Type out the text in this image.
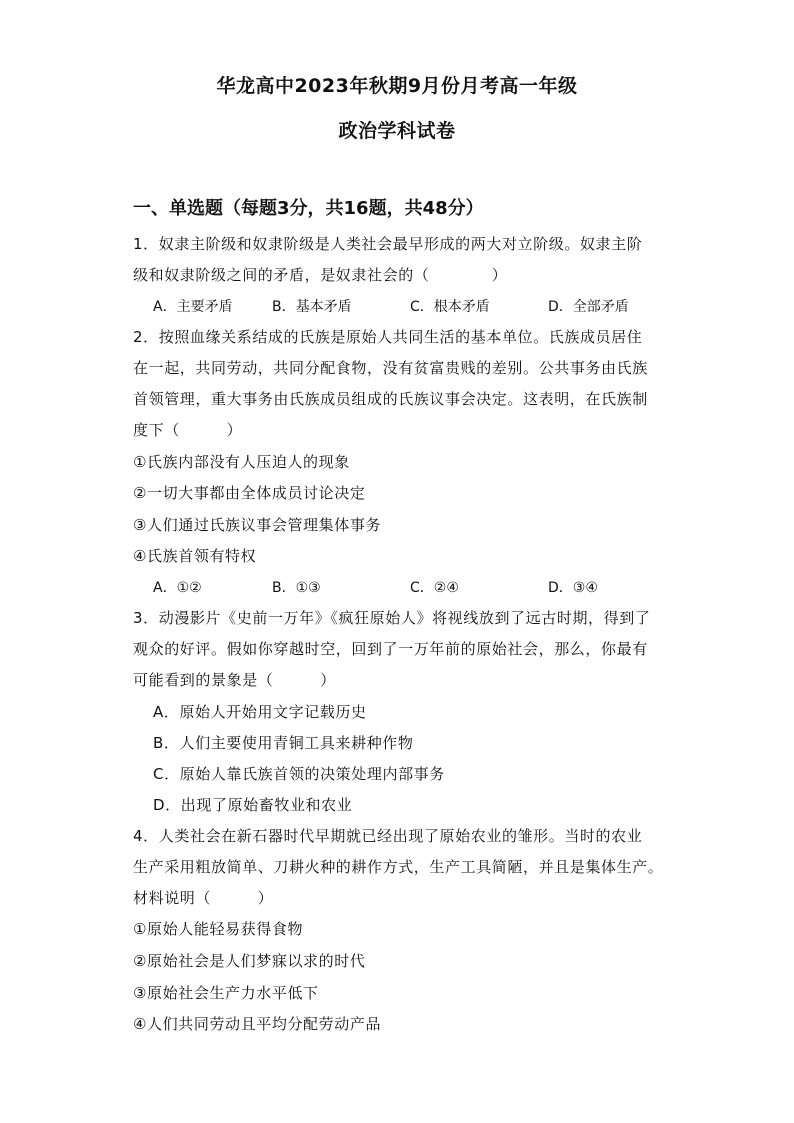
华龙高中2023年秋期9月份月考高一年级
政治学科试卷
一、单选题（每题3分，共16题，共48分）
1．奴隶主阶级和奴隶阶级是人类社会最早形成的两大对立阶级。奴隶主阶
级和奴隶阶级之间的矛盾，是奴隶社会的（　　　　）
A．主要矛盾	B．基本矛盾	C．根本矛盾	D．全部矛盾
2．按照血缘关系结成的氏族是原始人共同生活的基本单位。氏族成员居住
在一起，共同劳动，共同分配食物，没有贫富贵贱的差别。公共事务由氏族
首领管理，重大事务由氏族成员组成的氏族议事会决定。这表明，在氏族制
度下（　　　）
①氏族内部没有人压迫人的现象
②一切大事都由全体成员讨论决定
③人们通过氏族议事会管理集体事务
④氏族首领有特权
A．①②	B．①③	C．②④	D．③④
3．动漫影片《史前一万年》《疯狂原始人》将视线放到了远古时期，得到了
观众的好评。假如你穿越时空，回到了一万年前的原始社会，那么，你最有
可能看到的景象是（　　　）
A．原始人开始用文字记载历史
B．人们主要使用青铜工具来耕种作物
C．原始人靠氏族首领的决策处理内部事务
D．出现了原始畜牧业和农业
4．人类社会在新石器时代早期就已经出现了原始农业的雏形。当时的农业
生产采用粗放简单、刀耕火种的耕作方式，生产工具简陋，并且是集体生产。
材料说明（　　　）
①原始人能轻易获得食物
②原始社会是人们梦寐以求的时代
③原始社会生产力水平低下
④人们共同劳动且平均分配劳动产品
